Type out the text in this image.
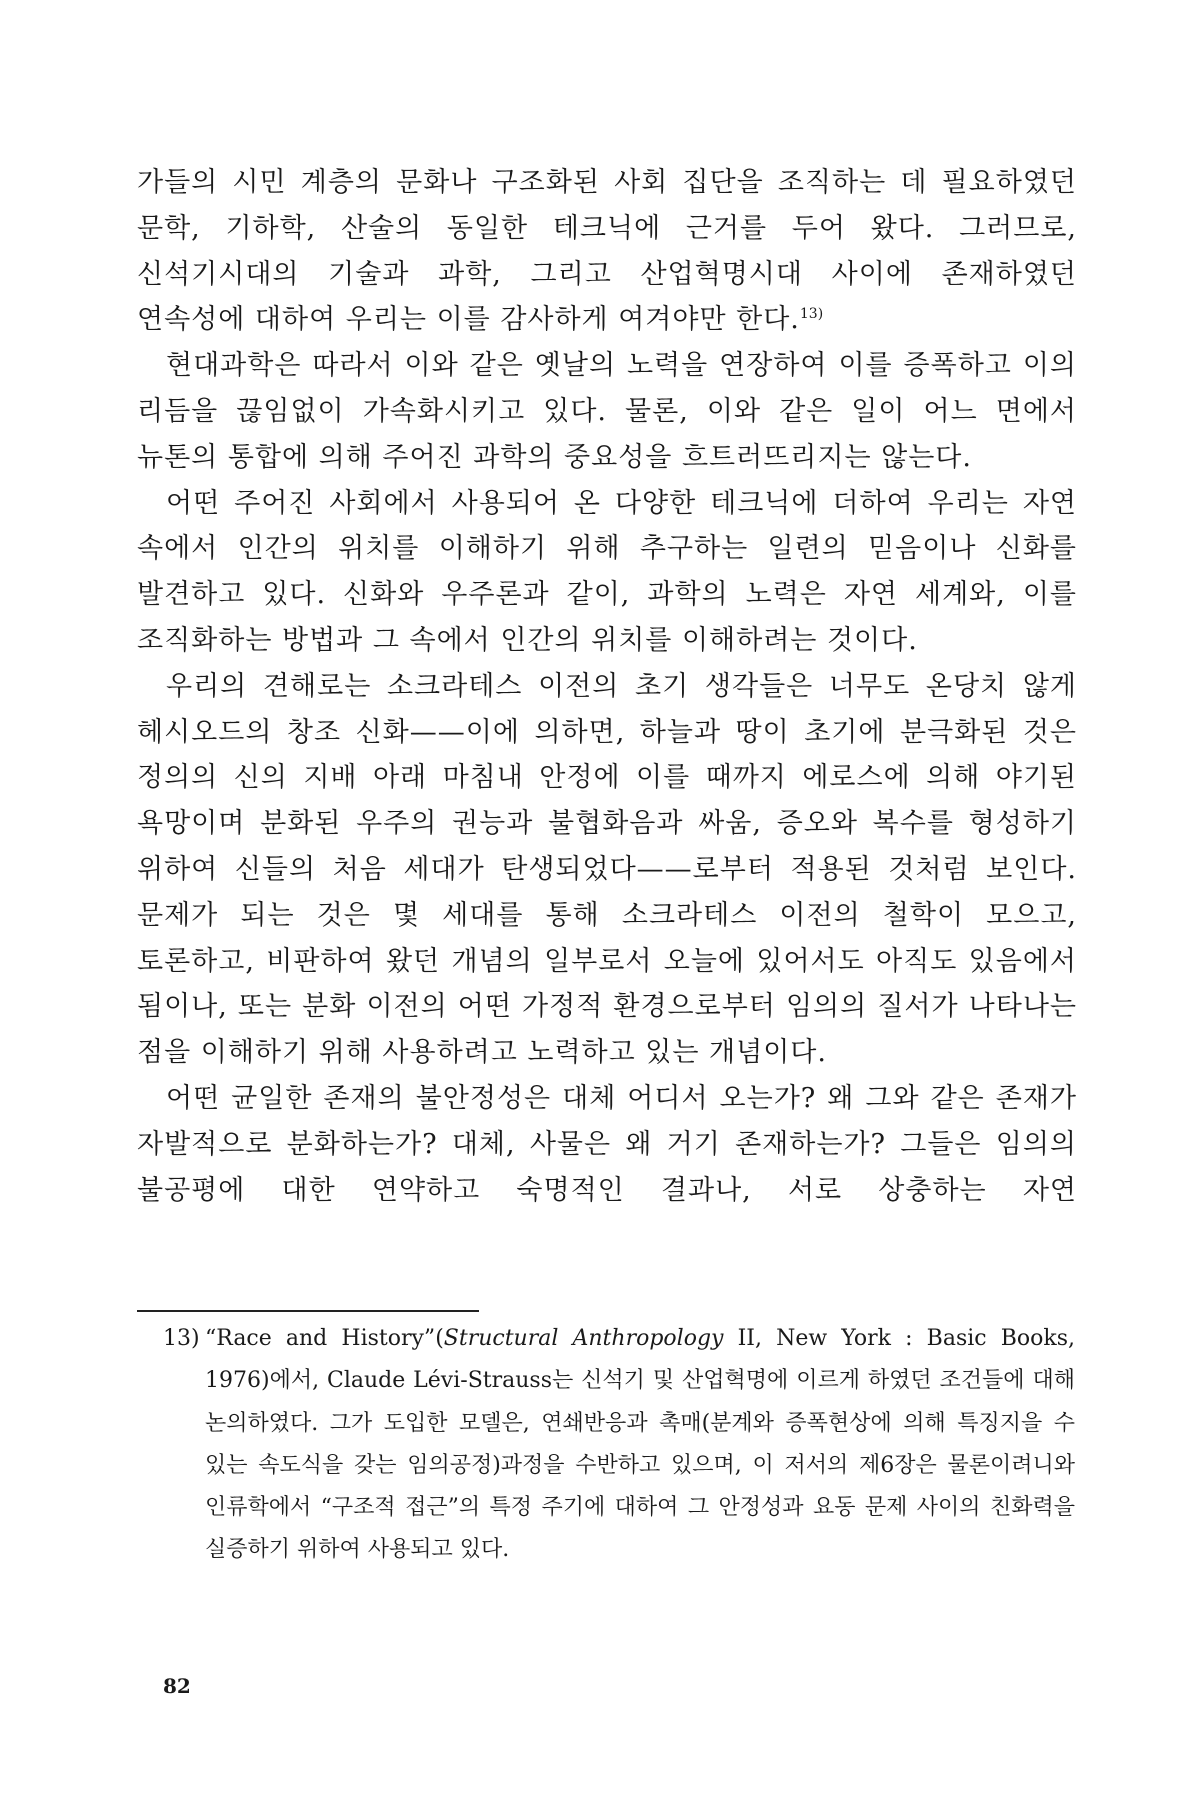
가들의 시민 계층의 문화나 구조화된 사회 집단을 조직하는 데 필요하였던 문학, 기하학, 산술의 동일한 테크닉에 근거를 두어 왔다. 그러므로, 신석기시대의 기술과 과학, 그리고 산업혁명시대 사이에 존재하였던 연속성에 대하여 우리는 이를 감사하게 여겨야만 한다.$^{13)}$

현대과학은 따라서 이와 같은 옛날의 노력을 연장하여 이를 증폭하고 이의 리듬을 끊임없이 가속화시키고 있다. 물론, 이와 같은 일이 어느 면에서 뉴톤의 통합에 의해 주어진 과학의 중요성을 흐트러뜨리지는 않는다.

어떤 주어진 사회에서 사용되어 온 다양한 테크닉에 더하여 우리는 자연 속에서 인간의 위치를 이해하기 위해 추구하는 일련의 믿음이나 신화를 발견하고 있다. 신화와 우주론과 같이, 과학의 노력은 자연 세계와, 이를 조직화하는 방법과 그 속에서 인간의 위치를 이해하려는 것이다.

우리의 견해로는 소크라테스 이전의 초기 생각들은 너무도 온당치 않게 헤시오드의 창조 신화——이에 의하면, 하늘과 땅이 초기에 분극화된 것은 정의의 신의 지배 아래 마침내 안정에 이를 때까지 에로스에 의해 야기된 욕망이며 분화된 우주의 권능과 불협화음과 싸움, 증오와 복수를 형성하기 위하여 신들의 처음 세대가 탄생되었다——로부터 적용된 것처럼 보인다. 문제가 되는 것은 몇 세대를 통해 소크라테스 이전의 철학이 모으고, 토론하고, 비판하여 왔던 개념의 일부로서 오늘에 있어서도 아직도 있음에서 됨이나, 또는 분화 이전의 어떤 가정적 환경으로부터 임의의 질서가 나타나는 점을 이해하기 위해 사용하려고 노력하고 있는 개념이다.

어떤 균일한 존재의 불안정성은 대체 어디서 오는가? 왜 그와 같은 존재가 자발적으로 분화하는가? 대체, 사물은 왜 거기 존재하는가? 그들은 임의의 불공평에 대한 연약하고 숙명적인 결과나, 서로 상충하는 자연

13) “Race and History”(Structural Anthropology II, New York : Basic Books, 1976)에서, Claude Lévi-Strauss는 신석기 및 산업혁명에 이르게 하였던 조건들에 대해 논의하였다. 그가 도입한 모델은, 연쇄반응과 촉매(분계와 증폭현상에 의해 특징지을 수 있는 속도식을 갖는 임의공정)과정을 수반하고 있으며, 이 저서의 제6장은 물론이려니와 인류학에서 “구조적 접근”의 특정 주기에 대하여 그 안정성과 요동 문제 사이의 친화력을 실증하기 위하여 사용되고 있다.

82
